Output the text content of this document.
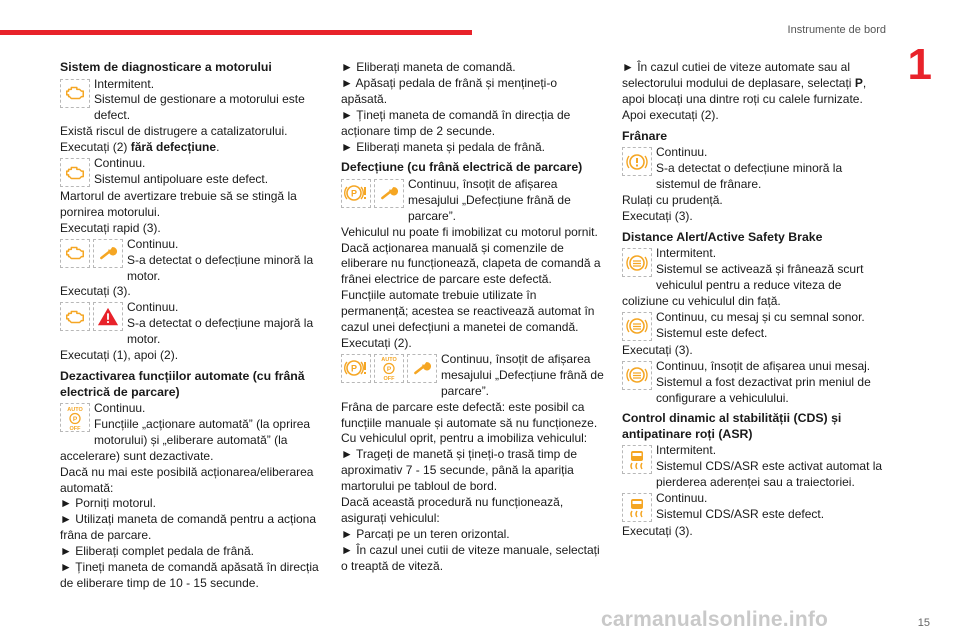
Instrumente de bord
1
Sistem de diagnosticare a motorului

Intermitent.

Sistemul de gestionare a motorului este defect.

Există riscul de distrugere a catalizatorului.

Executați (2) fără defecțiune.

Continuu.

Sistemul antipoluare este defect.

Martorul de avertizare trebuie să se stingă la pornirea motorului.

Executați rapid (3).

Continuu.

S-a detectat o defecțiune minoră la motor.

Executați (3).

Continuu.

S-a detectat o defecțiune majoră la motor.

Executați (1), apoi (2).

Dezactivarea funcțiilor automate (cu frână electrică de parcare)
AUTO
P
OFF

Continuu.

Funcțiile „acționare automată” (la oprirea motorului) și „eliberare automată” (la accelerare) sunt dezactivate.

Dacă nu mai este posibilă acționarea/eliberarea automată:

► Porniți motorul.

► Utilizați maneta de comandă pentru a acționa frâna de parcare.

► Eliberați complet pedala de frână.

► Țineți maneta de comandă apăsată în direcția de eliberare timp de 10 - 15 secunde.

► Eliberați maneta de comandă.

► Apăsați pedala de frână și mențineți-o apăsată.

► Țineți maneta de comandă în direcția de acționare timp de 2 secunde.

► Eliberați maneta și pedala de frână.

Defecțiune (cu frână electrică de parcare)

Continuu, însoțit de afișarea mesajului „Defecțiune frână de parcare”.

Vehiculul nu poate fi imobilizat cu motorul pornit.

Dacă acționarea manuală și comenzile de eliberare nu funcționează, clapeta de comandă a frânei electrice de parcare este defectă.

Funcțiile automate trebuie utilizate în permanență; acestea se reactivează automat în cazul unei defecțiuni a manetei de comandă.

Executați (2).

AUTO
P
OFF

Continuu, însoțit de afișarea mesajului „Defecțiune frână de parcare”.

Frâna de parcare este defectă: este posibil ca funcțiile manuale și automate să nu funcționeze.

Cu vehiculul oprit, pentru a imobiliza vehiculul:

► Trageți de manetă și țineți-o trasă timp de aproximativ 7 - 15 secunde, până la apariția martorului pe tabloul de bord.

Dacă această procedură nu funcționează, asigurați vehiculul:

► Parcați pe un teren orizontal.

► În cazul unei cutii de viteze manuale, selectați o treaptă de viteză.

► În cazul cutiei de viteze automate sau al selectorului modului de deplasare, selectați P, apoi blocați una dintre roți cu calele furnizate.

Apoi executați (2).

Frânare

Continuu.

S-a detectat o defecțiune minoră la sistemul de frânare.

Rulați cu prudență.

Executați (3).

Distance Alert/Active Safety Brake

Intermitent.

Sistemul se activează și frânează scurt vehiculul pentru a reduce viteza de coliziune cu vehiculul din față.

Continuu, cu mesaj și cu semnal sonor.

Sistemul este defect.

Executați (3).

Continuu, însoțit de afișarea unui mesaj.

Sistemul a fost dezactivat prin meniul de configurare a vehiculului.

Control dinamic al stabilității (CDS) și antipatinare roți (ASR)

Intermitent.

Sistemul CDS/ASR este activat automat la pierderea aderenței sau a traiectoriei.

Continuu.

Sistemul CDS/ASR este defect.

Executați (3).

carmanualsonline.info	15
